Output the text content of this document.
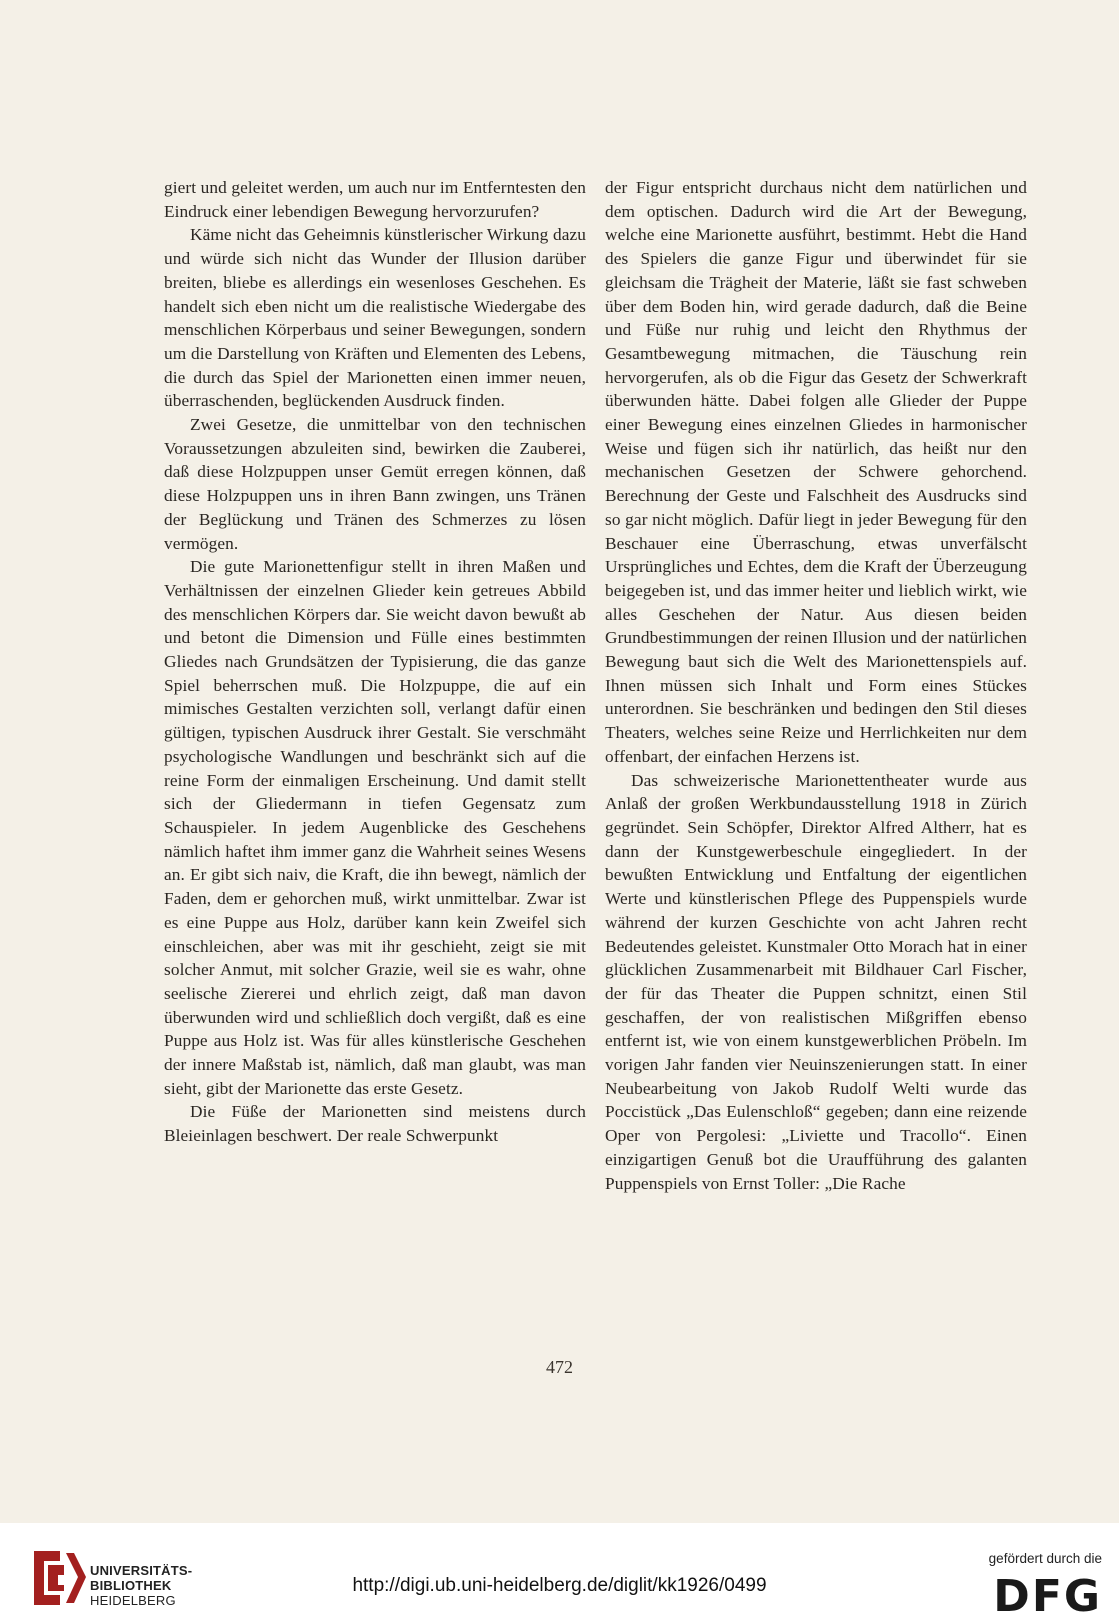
giert und geleitet werden, um auch nur im Entferntesten den Eindruck einer lebendigen Bewegung hervorzurufen?

Käme nicht das Geheimnis künstlerischer Wirkung dazu und würde sich nicht das Wunder der Illusion darüber breiten, bliebe es allerdings ein wesenloses Geschehen. Es handelt sich eben nicht um die realistische Wiedergabe des menschlichen Körperbaus und seiner Bewegungen, sondern um die Darstellung von Kräften und Elementen des Lebens, die durch das Spiel der Marionetten einen immer neuen, überraschenden, beglückenden Ausdruck finden.

Zwei Gesetze, die unmittelbar von den technischen Voraussetzungen abzuleiten sind, bewirken die Zauberei, daß diese Holzpuppen unser Gemüt erregen können, daß diese Holzpuppen uns in ihren Bann zwingen, uns Tränen der Beglückung und Tränen des Schmerzes zu lösen vermögen.

Die gute Marionettenfigur stellt in ihren Maßen und Verhältnissen der einzelnen Glieder kein getreues Abbild des menschlichen Körpers dar. Sie weicht davon bewußt ab und betont die Dimension und Fülle eines bestimmten Gliedes nach Grundsätzen der Typisierung, die das ganze Spiel beherrschen muß. Die Holzpuppe, die auf ein mimisches Gestalten verzichten soll, verlangt dafür einen gültigen, typischen Ausdruck ihrer Gestalt. Sie verschmäht psychologische Wandlungen und beschränkt sich auf die reine Form der einmaligen Erscheinung. Und damit stellt sich der Gliedermann in tiefen Gegensatz zum Schauspieler. In jedem Augenblicke des Geschehens nämlich haftet ihm immer ganz die Wahrheit seines Wesens an. Er gibt sich naiv, die Kraft, die ihn bewegt, nämlich der Faden, dem er gehorchen muß, wirkt unmittelbar. Zwar ist es eine Puppe aus Holz, darüber kann kein Zweifel sich einschleichen, aber was mit ihr geschieht, zeigt sie mit solcher Anmut, mit solcher Grazie, weil sie es wahr, ohne seelische Ziererei und ehrlich zeigt, daß man davon überwunden wird und schließlich doch vergißt, daß es eine Puppe aus Holz ist. Was für alles künstlerische Geschehen der innere Maßstab ist, nämlich, daß man glaubt, was man sieht, gibt der Marionette das erste Gesetz.

Die Füße der Marionetten sind meistens durch Bleieinlagen beschwert. Der reale Schwerpunkt

der Figur entspricht durchaus nicht dem natürlichen und dem optischen. Dadurch wird die Art der Bewegung, welche eine Marionette ausführt, bestimmt. Hebt die Hand des Spielers die ganze Figur und überwindet für sie gleichsam die Trägheit der Materie, läßt sie fast schweben über dem Boden hin, wird gerade dadurch, daß die Beine und Füße nur ruhig und leicht den Rhythmus der Gesamtbewegung mitmachen, die Täuschung rein hervorgerufen, als ob die Figur das Gesetz der Schwerkraft überwunden hätte. Dabei folgen alle Glieder der Puppe einer Bewegung eines einzelnen Gliedes in harmonischer Weise und fügen sich ihr natürlich, das heißt nur den mechanischen Gesetzen der Schwere gehorchend. Berechnung der Geste und Falschheit des Ausdrucks sind so gar nicht möglich. Dafür liegt in jeder Bewegung für den Beschauer eine Überraschung, etwas unverfälscht Ursprüngliches und Echtes, dem die Kraft der Überzeugung beigegeben ist, und das immer heiter und lieblich wirkt, wie alles Geschehen der Natur. Aus diesen beiden Grundbestimmungen der reinen Illusion und der natürlichen Bewegung baut sich die Welt des Marionettenspiels auf. Ihnen müssen sich Inhalt und Form eines Stückes unterordnen. Sie beschränken und bedingen den Stil dieses Theaters, welches seine Reize und Herrlichkeiten nur dem offenbart, der einfachen Herzens ist.

Das schweizerische Marionettentheater wurde aus Anlaß der großen Werkbundausstellung 1918 in Zürich gegründet. Sein Schöpfer, Direktor Alfred Altherr, hat es dann der Kunstgewerbeschule eingegliedert. In der bewußten Entwicklung und Entfaltung der eigentlichen Werte und künstlerischen Pflege des Puppenspiels wurde während der kurzen Geschichte von acht Jahren recht Bedeutendes geleistet. Kunstmaler Otto Morach hat in einer glücklichen Zusammenarbeit mit Bildhauer Carl Fischer, der für das Theater die Puppen schnitzt, einen Stil geschaffen, der von realistischen Mißgriffen ebenso entfernt ist, wie von einem kunstgewerblichen Pröbeln. Im vorigen Jahr fanden vier Neuinszenierungen statt. In einer Neubearbeitung von Jakob Rudolf Welti wurde das Poccistück „Das Eulenschloß“ gegeben; dann eine reizende Oper von Pergolesi: „Liviette und Tracollo“. Einen einzigartigen Genuß bot die Uraufführung des galanten Puppenspiels von Ernst Toller: „Die Rache

472
UNIVERSITÄTS-
BIBLIOTHEK
HEIDELBERG
http://digi.ub.uni-heidelberg.de/diglit/kk1926/0499
gefördert durch die
DFG
